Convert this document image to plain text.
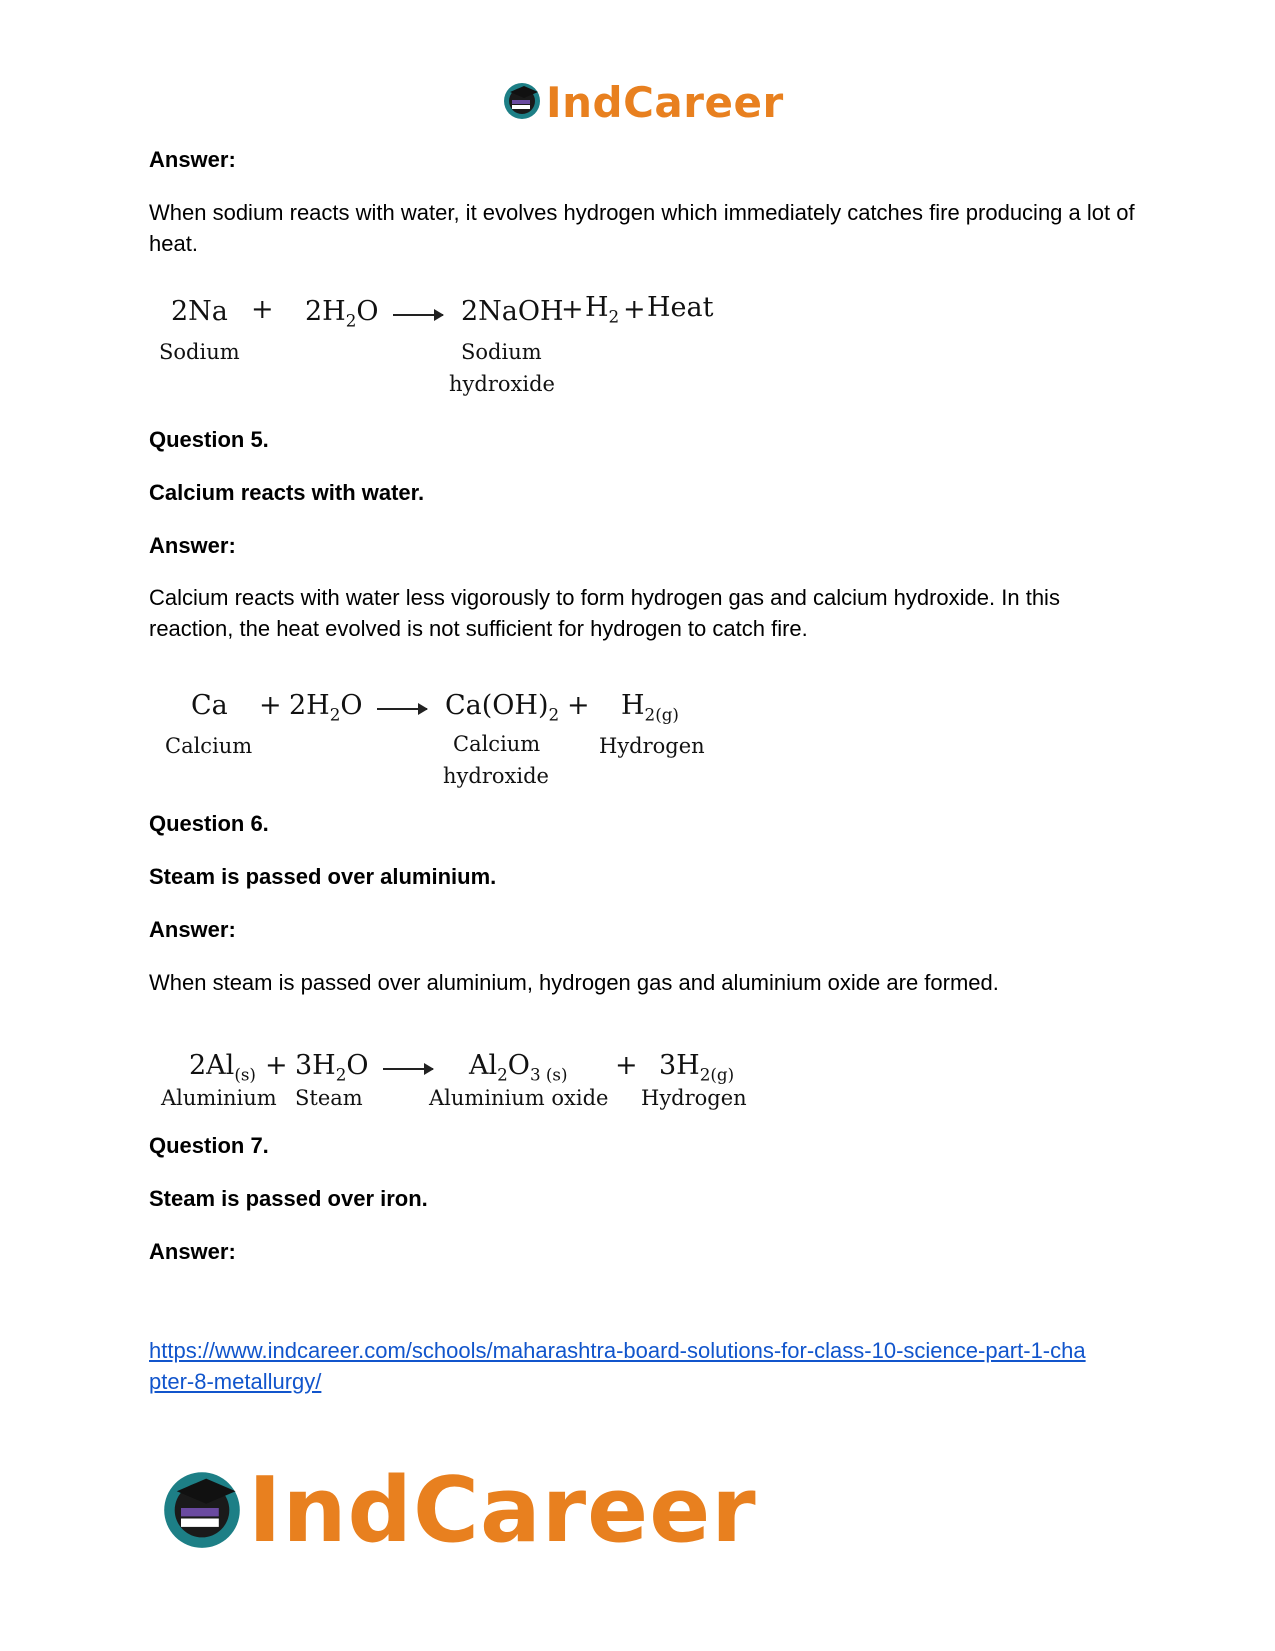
IndCareer
Answer:
When sodium reacts with water, it evolves hydrogen which immediately catches fire producing a lot of heat.
$2Na + 2H_2O$ → 2NaOH
+ $H_2$ + Heat
Sodium	Sodium
hydroxide
Question 5.
Calcium reacts with water.
Answer:
Calcium reacts with water less vigorously to form hydrogen gas and calcium hydroxide. In this reaction, the heat evolved is not sufficient for hydrogen to catch fire.
$Ca + 2H_2O \to Ca(OH)_2 + H_{2(g)}$
Calcium	Calcium
hydroxide
Hydrogen
Question 6.
Steam is passed over aluminium.
Answer:
When steam is passed over aluminium, hydrogen gas and aluminium oxide are formed.
$2Al_{(s)} + 3H_2O \to Al_2O_{3 (s)} + 3H_{2(g)}$
Aluminium Steam	Aluminium oxide Hydrogen
Question 7.
Steam is passed over iron.
Answer:
https://www.indcareer.com/schools/maharashtra-board-solutions-for-class-10-science-part-1-cha
pter-8-metallurgy/
IndCareer
